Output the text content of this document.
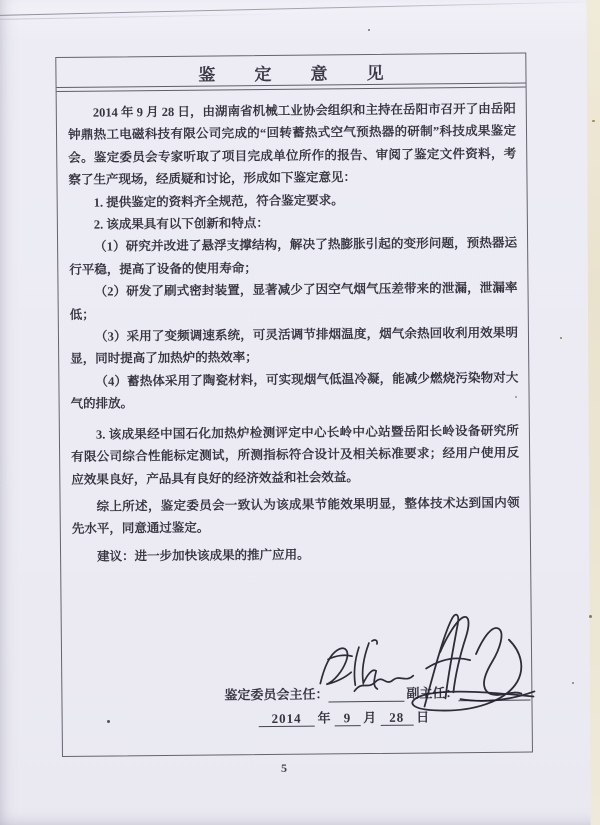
鉴定意见

2014 年 9 月 28 日，由湖南省机械工业协会组织和主持在岳阳市召开了由岳阳钟鼎热工电磁科技有限公司完成的“回转蓄热式空气预热器的研制”科技成果鉴定会。鉴定委员会专家听取了项目完成单位所作的报告、审阅了鉴定文件资料，考察了生产现场，经质疑和讨论，形成如下鉴定意见：

1. 提供鉴定的资料齐全规范，符合鉴定要求。

2. 该成果具有以下创新和特点：

（1）研究并改进了悬浮支撑结构，解决了热膨胀引起的变形问题，预热器运行平稳，提高了设备的使用寿命；

（2）研发了刷式密封装置，显著减少了因空气烟气压差带来的泄漏，泄漏率低；

（3）采用了变频调速系统，可灵活调节排烟温度，烟气余热回收利用效果明显，同时提高了加热炉的热效率；

（4）蓄热体采用了陶瓷材料，可实现烟气低温冷凝，能减少燃烧污染物对大气的排放。

3. 该成果经中国石化加热炉检测评定中心长岭中心站暨岳阳长岭设备研究所有限公司综合性能标定测试，所测指标符合设计及相关标准要求；经用户使用反应效果良好，产品具有良好的经济效益和社会效益。

综上所述，鉴定委员会一致认为该成果节能效果明显，整体技术达到国内领先水平，同意通过鉴定。

建议：进一步加快该成果的推广应用。

鉴定委员会主任：	副主任：
2014 年 9 月 28 日
5
